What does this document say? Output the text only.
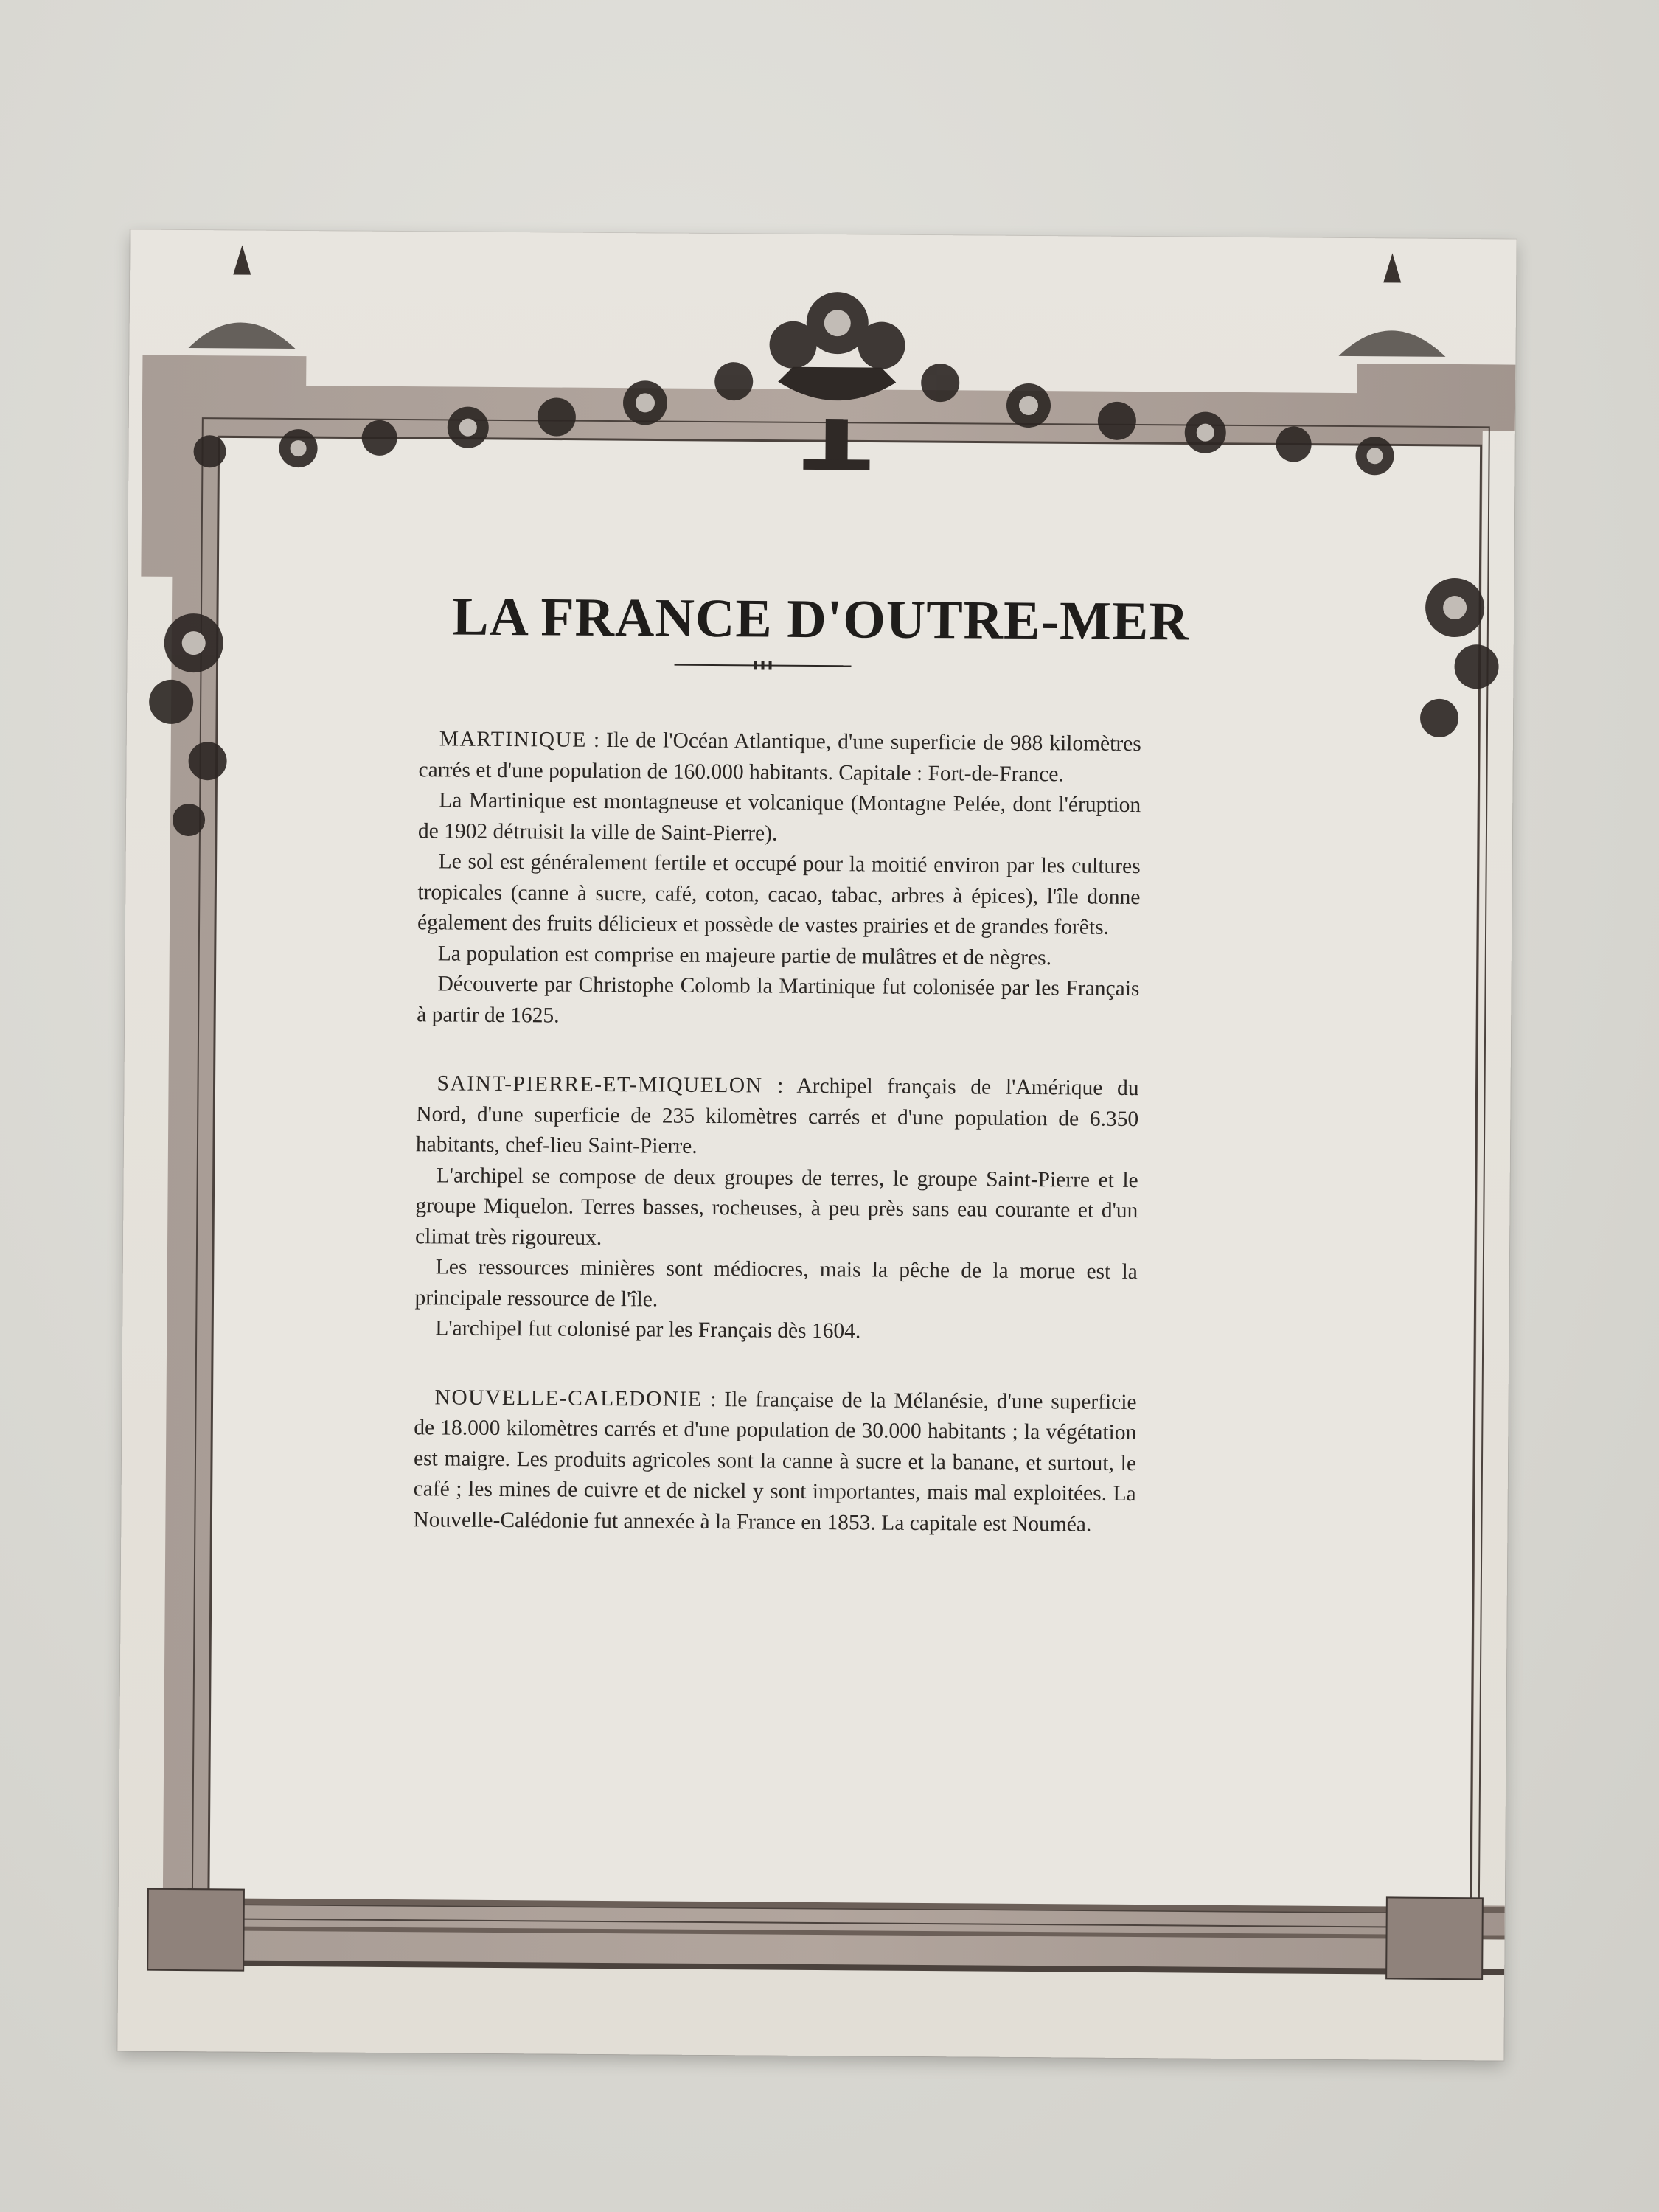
LA FRANCE D'OUTRE-MER

MARTINIQUE : Ile de l'Océan Atlantique, d'une superficie de 988 kilomètres carrés et d'une population de 160.000 habitants. Capitale : Fort-de-France.

La Martinique est montagneuse et volcanique (Montagne Pelée, dont l'éruption de 1902 détruisit la ville de Saint-Pierre).

Le sol est généralement fertile et occupé pour la moitié environ par les cultures tropicales (canne à sucre, café, coton, cacao, tabac, arbres à épices), l'île donne également des fruits délicieux et possède de vastes prairies et de grandes forêts.

La population est comprise en majeure partie de mulâtres et de nègres.

Découverte par Christophe Colomb la Martinique fut colonisée par les Français à partir de 1625.

SAINT-PIERRE-ET-MIQUELON : Archipel français de l'Amérique du Nord, d'une superficie de 235 kilomètres carrés et d'une population de 6.350 habitants, chef-lieu Saint-Pierre.

L'archipel se compose de deux groupes de terres, le groupe Saint-Pierre et le groupe Miquelon. Terres basses, rocheuses, à peu près sans eau courante et d'un climat très rigoureux.

Les ressources minières sont médiocres, mais la pêche de la morue est la principale ressource de l'île.

L'archipel fut colonisé par les Français dès 1604.

NOUVELLE-CALEDONIE : Ile française de la Mélanésie, d'une superficie de 18.000 kilomètres carrés et d'une population de 30.000 habitants ; la végétation est maigre. Les produits agricoles sont la canne à sucre et la banane, et surtout, le café ; les mines de cuivre et de nickel y sont importantes, mais mal exploitées. La Nouvelle-Calédonie fut annexée à la France en 1853. La capitale est Nouméa.
